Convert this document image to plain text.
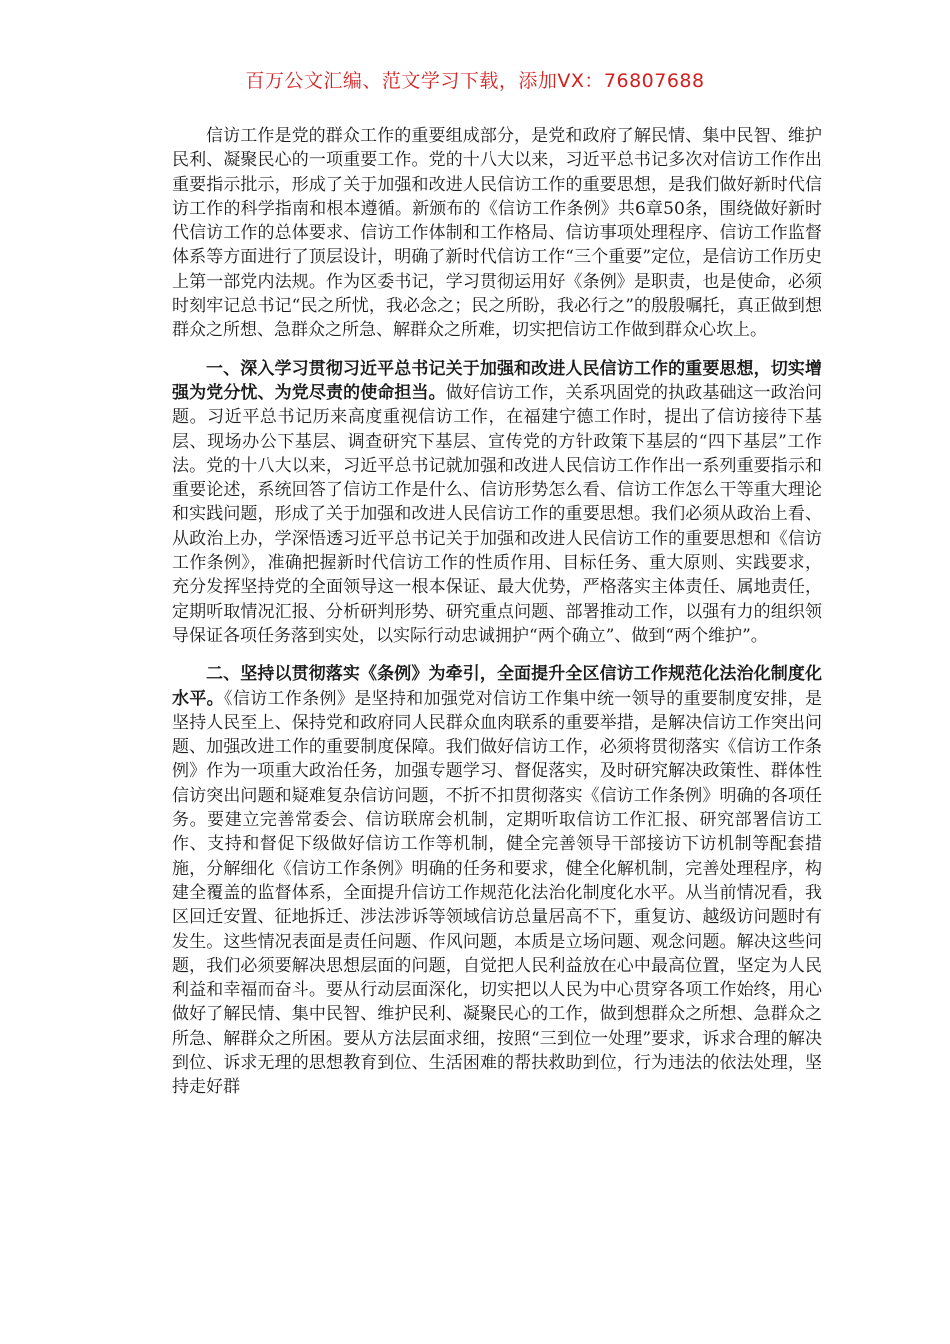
百万公文汇编、范文学习下载，添加VX：76807688

信访工作是党的群众工作的重要组成部分，是党和政府了解民情、集中民智、维护民利、凝聚民心的一项重要工作。党的十八大以来，习近平总书记多次对信访工作作出重要指示批示，形成了关于加强和改进人民信访工作的重要思想，是我们做好新时代信访工作的科学指南和根本遵循。新颁布的《信访工作条例》共6章50条，围绕做好新时代信访工作的总体要求、信访工作体制和工作格局、信访事项处理程序、信访工作监督体系等方面进行了顶层设计，明确了新时代信访工作“三个重要”定位，是信访工作历史上第一部党内法规。作为区委书记，学习贯彻运用好《条例》是职责，也是使命，必须时刻牢记总书记“民之所忧，我必念之；民之所盼，我必行之”的殷殷嘱托，真正做到想群众之所想、急群众之所急、解群众之所难，切实把信访工作做到群众心坎上。

一、深入学习贯彻习近平总书记关于加强和改进人民信访工作的重要思想，切实增强为党分忧、为党尽责的使命担当。做好信访工作，关系巩固党的执政基础这一政治问题。习近平总书记历来高度重视信访工作，在福建宁德工作时，提出了信访接待下基层、现场办公下基层、调查研究下基层、宣传党的方针政策下基层的“四下基层”工作法。党的十八大以来，习近平总书记就加强和改进人民信访工作作出一系列重要指示和重要论述，系统回答了信访工作是什么、信访形势怎么看、信访工作怎么干等重大理论和实践问题，形成了关于加强和改进人民信访工作的重要思想。我们必须从政治上看、从政治上办，学深悟透习近平总书记关于加强和改进人民信访工作的重要思想和《信访工作条例》，准确把握新时代信访工作的性质作用、目标任务、重大原则、实践要求，充分发挥坚持党的全面领导这一根本保证、最大优势，严格落实主体责任、属地责任，定期听取情况汇报、分析研判形势、研究重点问题、部署推动工作，以强有力的组织领导保证各项任务落到实处，以实际行动忠诚拥护“两个确立”、做到“两个维护”。

二、坚持以贯彻落实《条例》为牵引，全面提升全区信访工作规范化法治化制度化水平。《信访工作条例》是坚持和加强党对信访工作集中统一领导的重要制度安排，是坚持人民至上、保持党和政府同人民群众血肉联系的重要举措，是解决信访工作突出问题、加强改进工作的重要制度保障。我们做好信访工作，必须将贯彻落实《信访工作条例》作为一项重大政治任务，加强专题学习、督促落实，及时研究解决政策性、群体性信访突出问题和疑难复杂信访问题，不折不扣贯彻落实《信访工作条例》明确的各项任务。要建立完善常委会、信访联席会机制，定期听取信访工作汇报、研究部署信访工作、支持和督促下级做好信访工作等机制，健全完善领导干部接访下访机制等配套措施，分解细化《信访工作条例》明确的任务和要求，健全化解机制，完善处理程序，构建全覆盖的监督体系，全面提升信访工作规范化法治化制度化水平。从当前情况看，我区回迁安置、征地拆迁、涉法涉诉等领域信访总量居高不下，重复访、越级访问题时有发生。这些情况表面是责任问题、作风问题，本质是立场问题、观念问题。解决这些问题，我们必须要解决思想层面的问题，自觉把人民利益放在心中最高位置，坚定为人民利益和幸福而奋斗。要从行动层面深化，切实把以人民为中心贯穿各项工作始终，用心做好了解民情、集中民智、维护民利、凝聚民心的工作，做到想群众之所想、急群众之所急、解群众之所困。要从方法层面求细，按照“三到位一处理”要求，诉求合理的解决到位、诉求无理的思想教育到位、生活困难的帮扶救助到位，行为违法的依法处理，坚持走好群
